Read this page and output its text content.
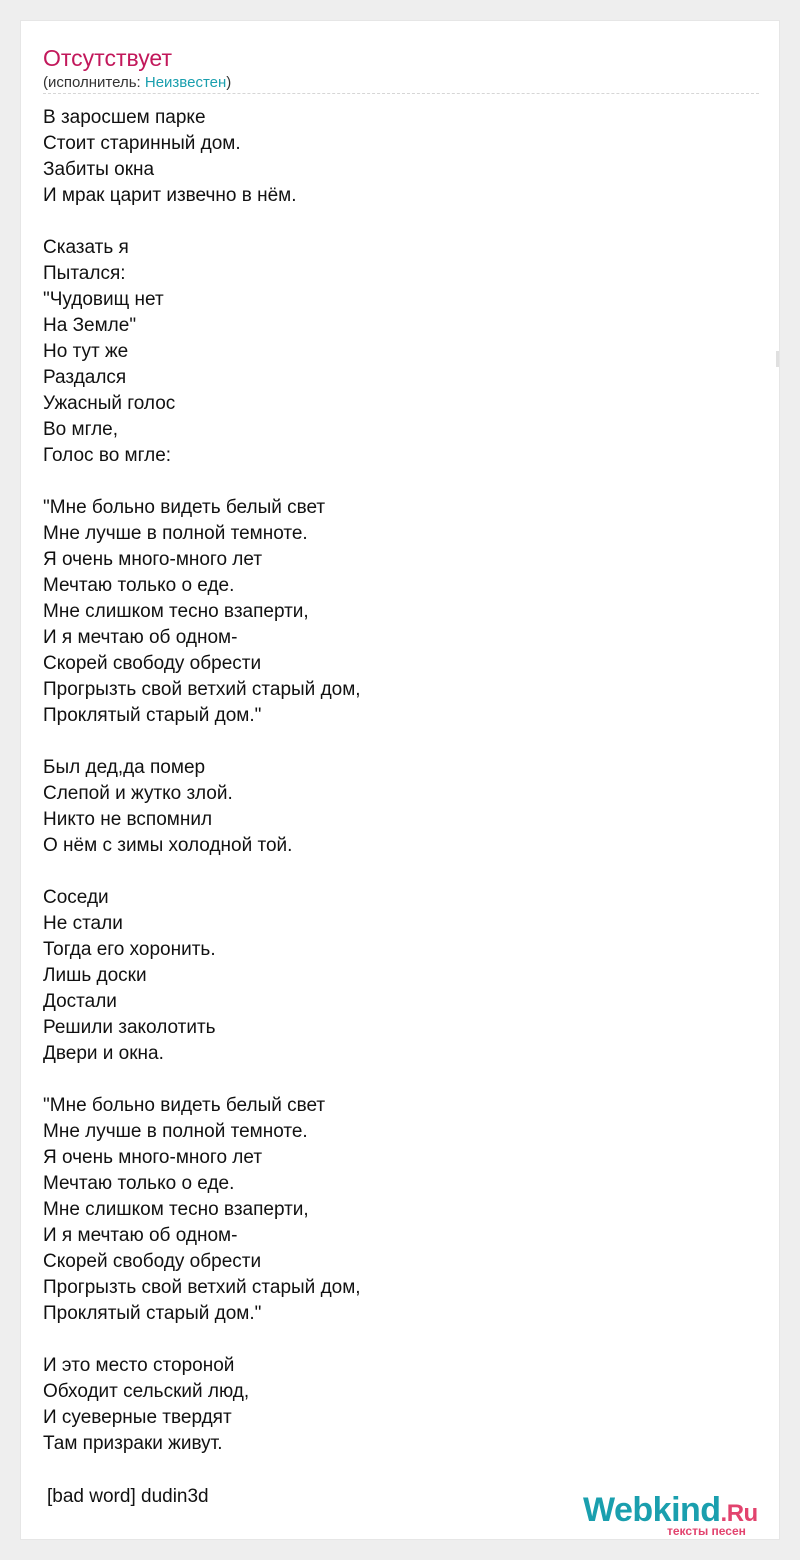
Отсутствует
(исполнитель: Неизвестен)
В заросшем парке
Стоит старинный дом.
Забиты окна
И мрак царит извечно в нём.
Сказать я
Пытался:
"Чудовищ нет
На Земле"
Но тут же
Раздался
Ужасный голос
Во мгле,
Голос во мгле:
"Мне больно видеть белый свет
Мне лучше в полной темноте.
Я очень много-много лет
Мечтаю только о еде.
Мне слишком тесно взаперти,
И я мечтаю об одном-
Скорей свободу обрести
Прогрызть свой ветхий старый дом,
Проклятый старый дом."
Был дед,да помер
Слепой и жутко злой.
Никто не вспомнил
О нём с зимы холодной той.
Соседи
Не стали
Тогда его хоронить.
Лишь доски
Достали
Решили заколотить
Двери и окна.
"Мне больно видеть белый свет
Мне лучше в полной темноте.
Я очень много-много лет
Мечтаю только о еде.
Мне слишком тесно взаперти,
И я мечтаю об одном-
Скорей свободу обрести
Прогрызть свой ветхий старый дом,
Проклятый старый дом."
И это место стороной
Обходит сельский люд,
И суеверные твердят
Там призраки живут.
[bad word] dudin3d	Webkind.Ru
тексты песен
